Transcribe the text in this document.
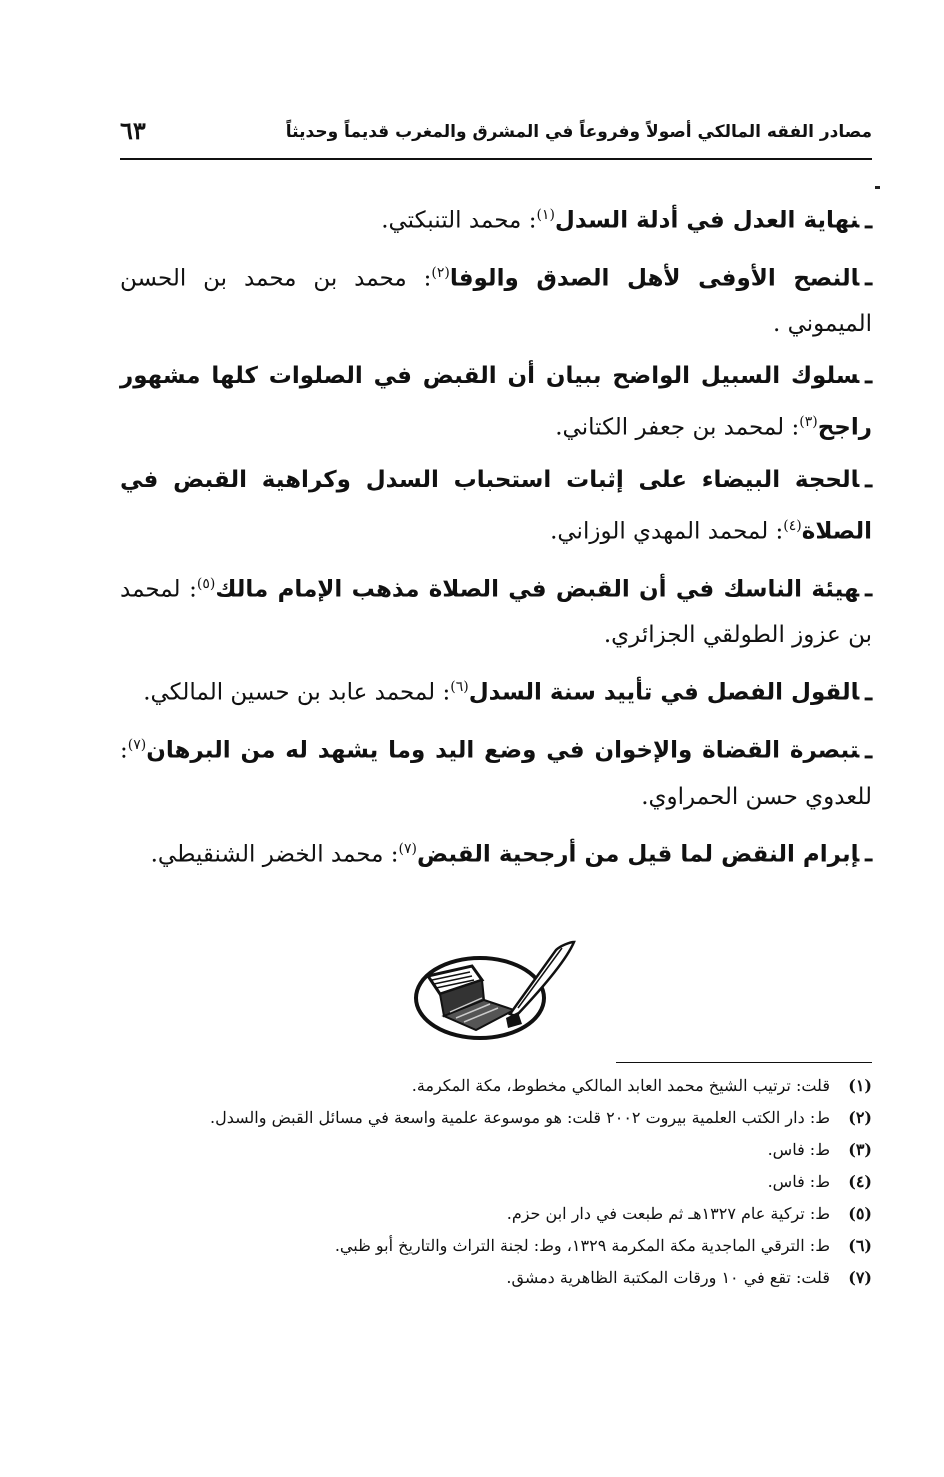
مصادر الفقه المالكي أصولاً وفروعاً في المشرق والمغرب قديماً وحديثاً
٦٣
ـنهاية العدل في أدلة السدل$^{(١)}$: محمد التنبكتي.
ـالنصح الأوفى لأهل الصدق والوفا$^{(٢)}$: محمد بن محمد بن الحسن الميموني .
ـسلوك السبيل الواضح ببيان أن القبض في الصلوات كلها مشهور راجح$^{(٣)}$: لمحمد بن جعفر الكتاني.
ـالحجة البيضاء على إثبات استحباب السدل وكراهية القبض في الصلاة$^{(٤)}$: لمحمد المهدي الوزاني.
ـهيئة الناسك في أن القبض في الصلاة مذهب الإمام مالك$^{(٥)}$: لمحمد بن عزوز الطولقي الجزائري.
ـالقول الفصل في تأييد سنة السدل$^{(٦)}$: لمحمد عابد بن حسين المالكي.
ـتبصرة القضاة والإخوان في وضع اليد وما يشهد له من البرهان$^{(٧)}$: للعدوي حسن الحمراوي.
ـإبرام النقض لما قيل من أرجحية القبض$^{(٧)}$: محمد الخضر الشنقيطي.
(١)
قلت: ترتيب الشيخ محمد العابد المالكي مخطوط، مكة المكرمة.
(٢)
ط: دار الكتب العلمية بيروت ٢٠٠٢ قلت: هو موسوعة علمية واسعة في مسائل القبض والسدل.
(٣)
ط: فاس.
(٤)
ط: فاس.
(٥)
ط: تركية عام ١٣٢٧هـ ثم طبعت في دار ابن حزم.
(٦)
ط: الترقي الماجدية مكة المكرمة ١٣٢٩، وط: لجنة التراث والتاريخ أبو ظبي.
(٧)
قلت: تقع في ١٠ ورقات المكتبة الظاهرية دمشق.
